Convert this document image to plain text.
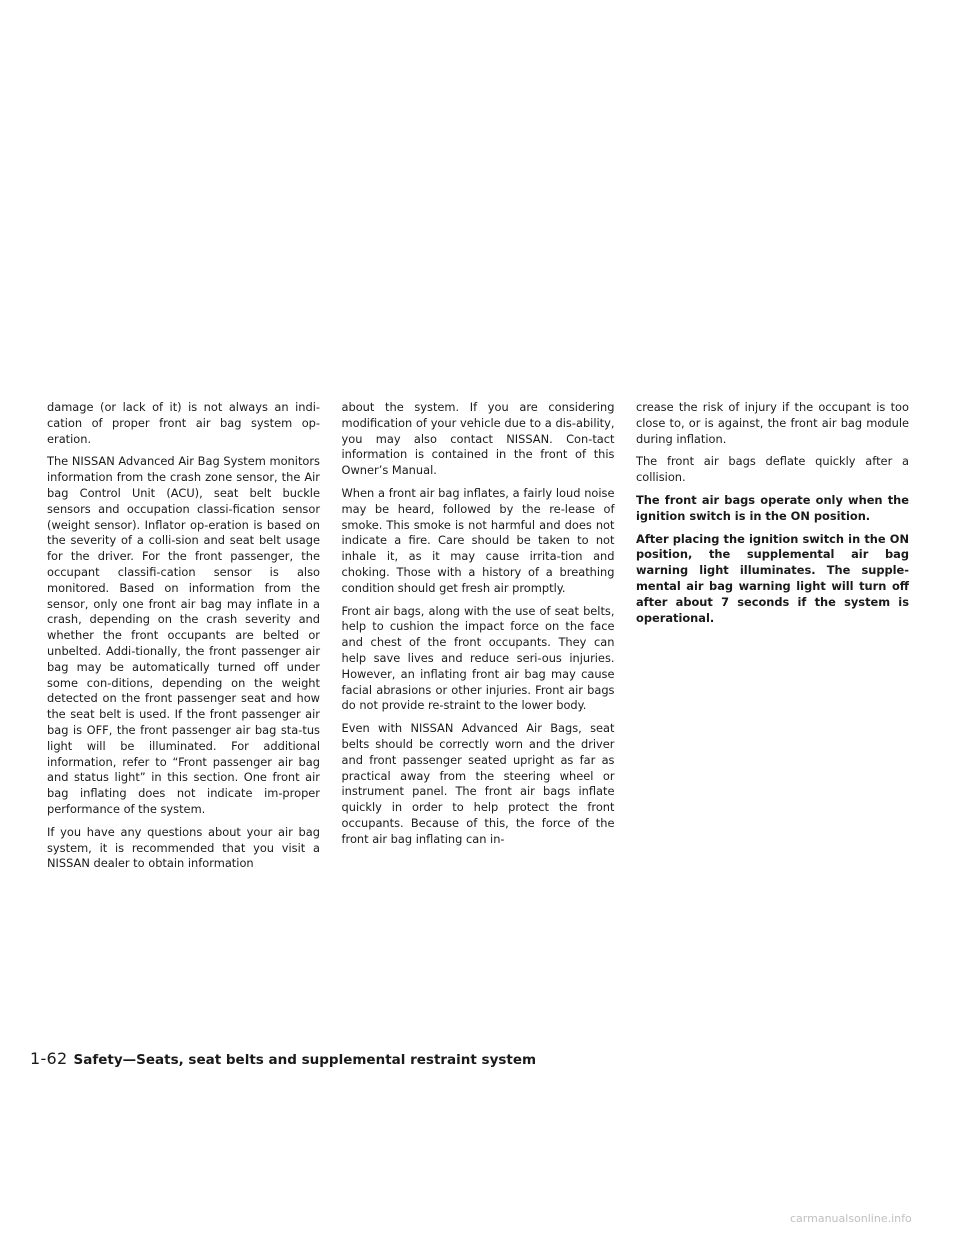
damage (or lack of it) is not always an indi-cation of proper front air bag system op-eration.

The NISSAN Advanced Air Bag System monitors information from the crash zone sensor, the Air bag Control Unit (ACU), seat belt buckle sensors and occupation classi-fication sensor (weight sensor). Inflator op-eration is based on the severity of a colli-sion and seat belt usage for the driver. For the front passenger, the occupant classifi-cation sensor is also monitored. Based on information from the sensor, only one front air bag may inflate in a crash, depending on the crash severity and whether the front occupants are belted or unbelted. Addi-tionally, the front passenger air bag may be automatically turned off under some con-ditions, depending on the weight detected on the front passenger seat and how the seat belt is used. If the front passenger air bag is OFF, the front passenger air bag sta-tus light will be illuminated. For additional information, refer to “Front passenger air bag and status light” in this section. One front air bag inflating does not indicate im-proper performance of the system.

If you have any questions about your air bag system, it is recommended that you visit a NISSAN dealer to obtain information

about the system. If you are considering modification of your vehicle due to a dis-ability, you may also contact NISSAN. Con-tact information is contained in the front of this Owner’s Manual.

When a front air bag inflates, a fairly loud noise may be heard, followed by the re-lease of smoke. This smoke is not harmful and does not indicate a fire. Care should be taken to not inhale it, as it may cause irrita-tion and choking. Those with a history of a breathing condition should get fresh air promptly.

Front air bags, along with the use of seat belts, help to cushion the impact force on the face and chest of the front occupants. They can help save lives and reduce seri-ous injuries. However, an inflating front air bag may cause facial abrasions or other injuries. Front air bags do not provide re-straint to the lower body.

Even with NISSAN Advanced Air Bags, seat belts should be correctly worn and the driver and front passenger seated upright as far as practical away from the steering wheel or instrument panel. The front air bags inflate quickly in order to help protect the front occupants. Because of this, the force of the front air bag inflating can in-

crease the risk of injury if the occupant is too close to, or is against, the front air bag module during inflation.

The front air bags deflate quickly after a collision.

The front air bags operate only when the ignition switch is in the ON position.

After placing the ignition switch in the ON position, the supplemental air bag warning light illuminates. The supple-mental air bag warning light will turn off after about 7 seconds if the system is operational.

1-62 Safety—Seats, seat belts and supplemental restraint system
carmanualsonline.info
